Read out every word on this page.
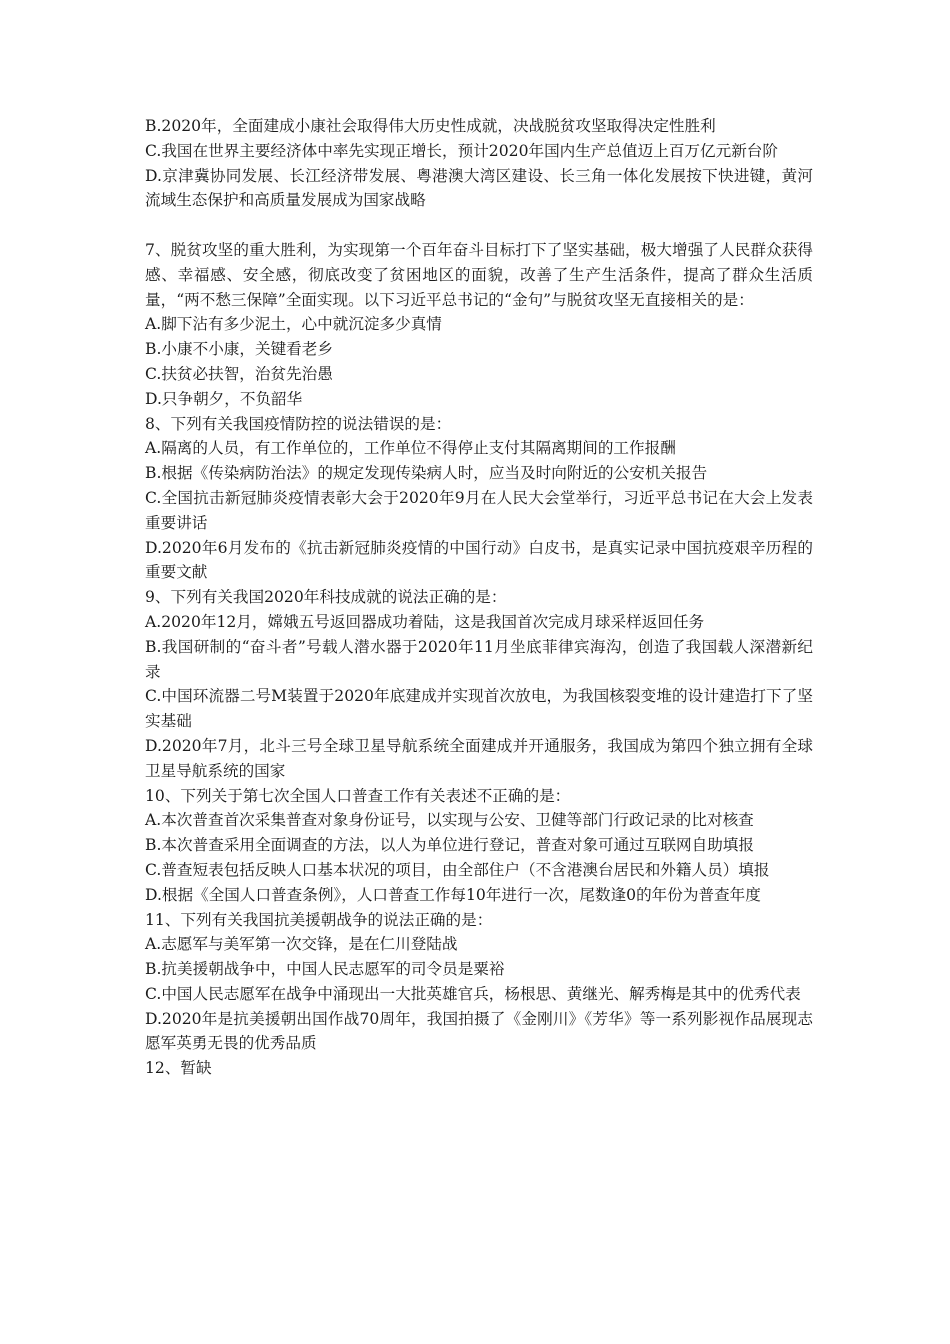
B.2020年，全面建成小康社会取得伟大历史性成就，决战脱贫攻坚取得决定性胜利

C.我国在世界主要经济体中率先实现正增长，预计2020年国内生产总值迈上百万亿元新台阶

D.京津冀协同发展、长江经济带发展、粤港澳大湾区建设、长三角一体化发展按下快进键，黄河流域生态保护和高质量发展成为国家战略

7、脱贫攻坚的重大胜利，为实现第一个百年奋斗目标打下了坚实基础，极大增强了人民群众获得感、幸福感、安全感，彻底改变了贫困地区的面貌，改善了生产生活条件，提高了群众生活质量，“两不愁三保障”全面实现。以下习近平总书记的“金句”与脱贫攻坚无直接相关的是：

A.脚下沾有多少泥土，心中就沉淀多少真情

B.小康不小康，关键看老乡

C.扶贫必扶智，治贫先治愚

D.只争朝夕，不负韶华

8、下列有关我国疫情防控的说法错误的是：

A.隔离的人员，有工作单位的，工作单位不得停止支付其隔离期间的工作报酬

B.根据《传染病防治法》的规定发现传染病人时，应当及时向附近的公安机关报告

C.全国抗击新冠肺炎疫情表彰大会于2020年9月在人民大会堂举行，习近平总书记在大会上发表重要讲话

D.2020年6月发布的《抗击新冠肺炎疫情的中国行动》白皮书，是真实记录中国抗疫艰辛历程的重要文献

9、下列有关我国2020年科技成就的说法正确的是：

A.2020年12月，嫦娥五号返回器成功着陆，这是我国首次完成月球采样返回任务

B.我国研制的“奋斗者”号载人潜水器于2020年11月坐底菲律宾海沟，创造了我国载人深潜新纪录

C.中国环流器二号M装置于2020年底建成并实现首次放电，为我国核裂变堆的设计建造打下了坚实基础

D.2020年7月，北斗三号全球卫星导航系统全面建成并开通服务，我国成为第四个独立拥有全球卫星导航系统的国家

10、下列关于第七次全国人口普查工作有关表述不正确的是：

A.本次普查首次采集普查对象身份证号，以实现与公安、卫健等部门行政记录的比对核查

B.本次普查采用全面调查的方法，以人为单位进行登记，普查对象可通过互联网自助填报

C.普查短表包括反映人口基本状况的项目，由全部住户（不含港澳台居民和外籍人员）填报

D.根据《全国人口普查条例》，人口普查工作每10年进行一次，尾数逢0的年份为普查年度

11、下列有关我国抗美援朝战争的说法正确的是：

A.志愿军与美军第一次交锋，是在仁川登陆战

B.抗美援朝战争中，中国人民志愿军的司令员是粟裕

C.中国人民志愿军在战争中涌现出一大批英雄官兵，杨根思、黄继光、解秀梅是其中的优秀代表

D.2020年是抗美援朝出国作战70周年，我国拍摄了《金刚川》《芳华》等一系列影视作品展现志愿军英勇无畏的优秀品质

12、暂缺
